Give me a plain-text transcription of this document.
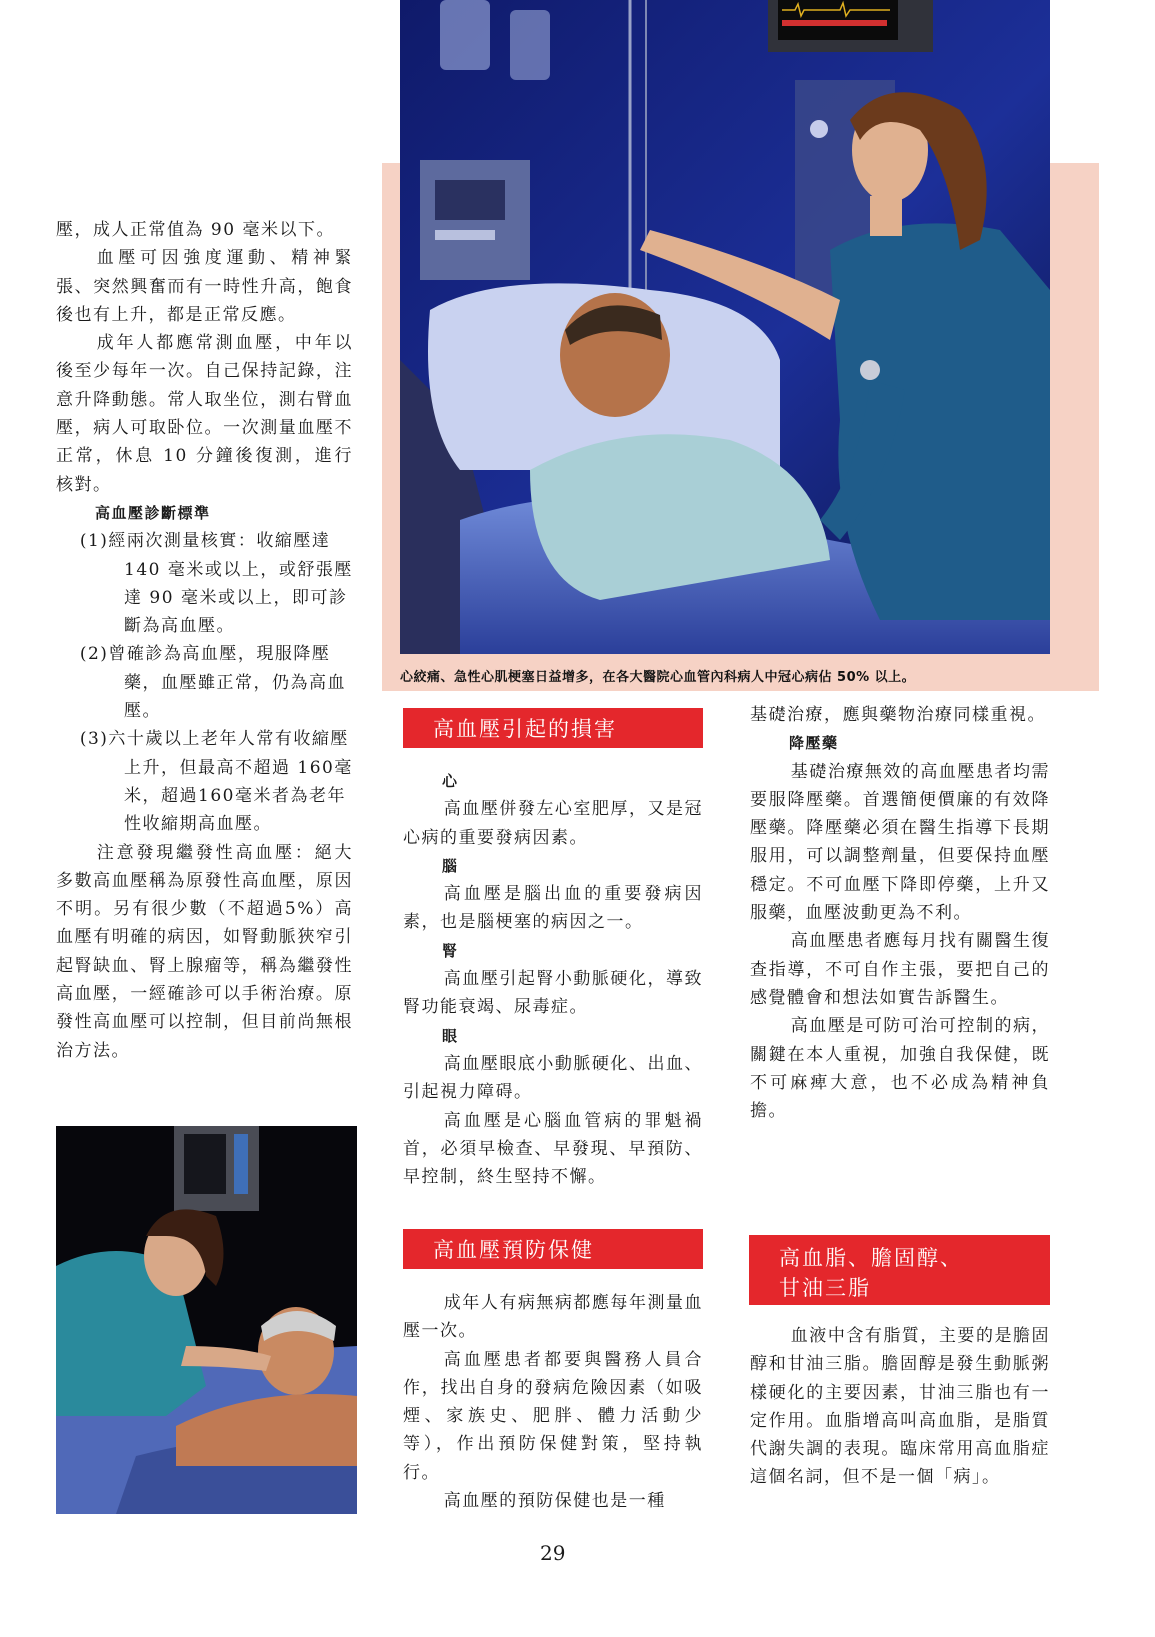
心絞痛、急性心肌梗塞日益增多，在各大醫院心血管內科病人中冠心病佔 50% 以上。

壓，成人正常值為 90 毫米以下。

血壓可因強度運動、精神緊張、突然興奮而有一時性升高，飽食後也有上升，都是正常反應。

成年人都應常測血壓，中年以後至少每年一次。自己保持記錄，注意升降動態。常人取坐位，測右臂血壓，病人可取卧位。一次測量血壓不正常，休息 10 分鐘後復測，進行核對。

高血壓診斷標準
(1)經兩次測量核實：收縮壓達 140 毫米或以上，或舒張壓達 90 毫米或以上，即可診斷為高血壓。
(2)曾確診為高血壓，現服降壓藥，血壓雖正常，仍為高血壓。
(3)六十歲以上老年人常有收縮壓上升，但最高不超過 160毫米，超過160毫米者為老年性收縮期高血壓。

注意發現繼發性高血壓：絕大多數高血壓稱為原發性高血壓，原因不明。另有很少數（不超過5%）高血壓有明確的病因，如腎動脈狹窄引起腎缺血、腎上腺瘤等，稱為繼發性高血壓，一經確診可以手術治療。原發性高血壓可以控制，但目前尚無根治方法。

高血壓引起的損害
心

高血壓併發左心室肥厚，又是冠心病的重要發病因素。

腦

高血壓是腦出血的重要發病因素，也是腦梗塞的病因之一。

腎

高血壓引起腎小動脈硬化，導致腎功能衰竭、尿毒症。

眼

高血壓眼底小動脈硬化、出血、引起視力障碍。

高血壓是心腦血管病的罪魁禍首，必須早檢查、早發現、早預防、早控制，終生堅持不懈。

高血壓預防保健

成年人有病無病都應每年測量血壓一次。

高血壓患者都要與醫務人員合作，找出自身的發病危險因素（如吸煙、家族史、肥胖、體力活動少等），作出預防保健對策，堅持執行。

高血壓的預防保健也是一種

基礎治療，應與藥物治療同樣重視。

降壓藥

基礎治療無效的高血壓患者均需要服降壓藥。首選簡便價廉的有效降壓藥。降壓藥必須在醫生指導下長期服用，可以調整劑量，但要保持血壓穩定。不可血壓下降即停藥，上升又服藥，血壓波動更為不利。

高血壓患者應每月找有關醫生復查指導，不可自作主張，要把自己的感覺體會和想法如實告訴醫生。

高血壓是可防可治可控制的病，關鍵在本人重視，加強自我保健，既不可麻痺大意，也不必成為精神負擔。

高血脂、膽固醇、
甘油三脂

血液中含有脂質，主要的是膽固醇和甘油三脂。膽固醇是發生動脈粥樣硬化的主要因素，甘油三脂也有一定作用。血脂增高叫高血脂，是脂質代謝失調的表現。臨床常用高血脂症這個名詞，但不是一個「病」。

29
